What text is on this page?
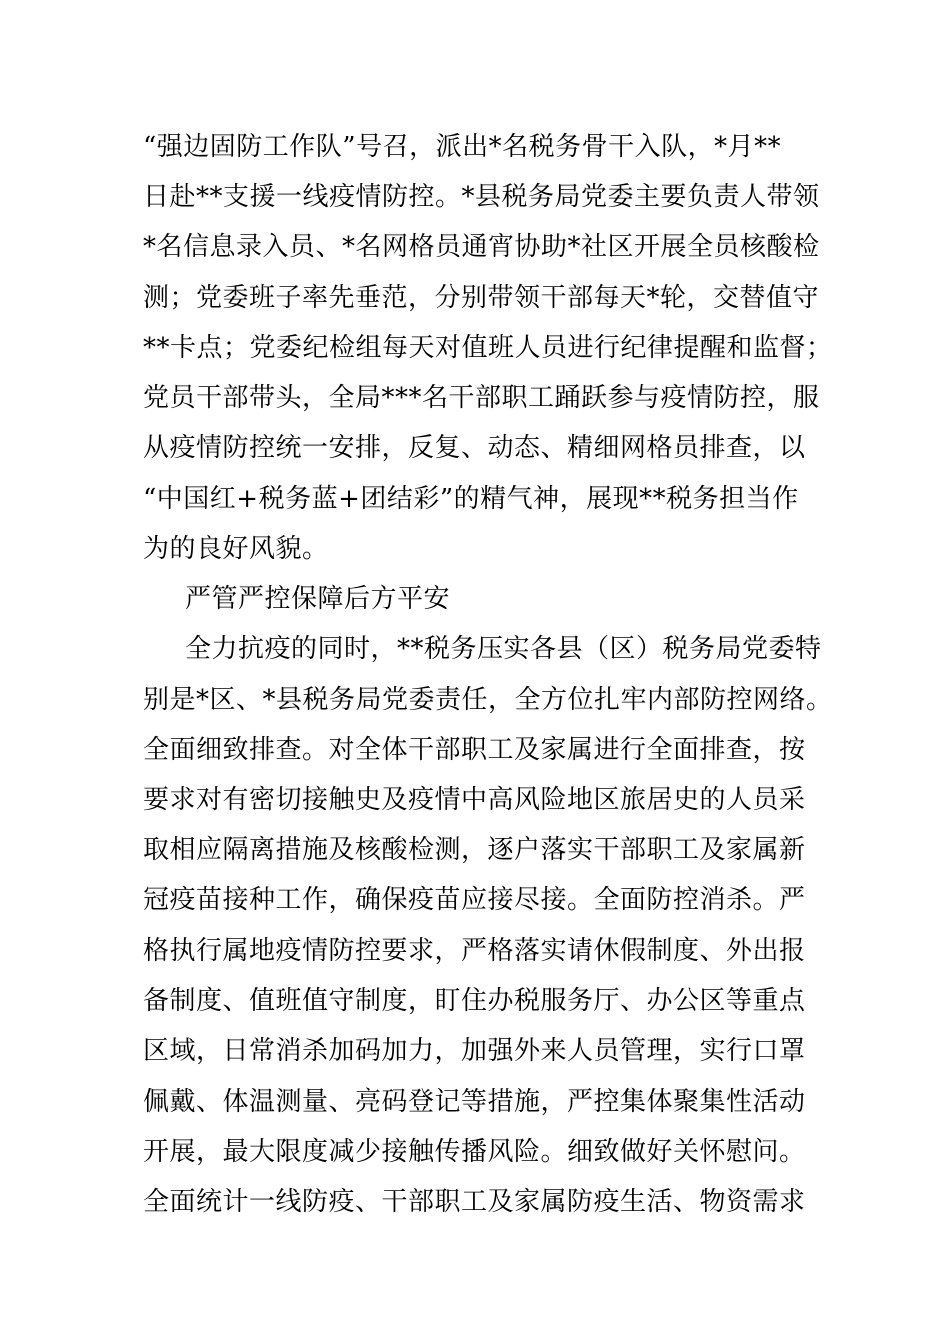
“强边固防工作队”号召，派出*名税务骨干入队，*月**
日赴**支援一线疫情防控。*县税务局党委主要负责人带领
*名信息录入员、*名网格员通宵协助*社区开展全员核酸检
测；党委班子率先垂范，分别带领干部每天*轮，交替值守
**卡点；党委纪检组每天对值班人员进行纪律提醒和监督；
党员干部带头，全局***名干部职工踊跃参与疫情防控，服
从疫情防控统一安排，反复、动态、精细网格员排查，以
“中国红+税务蓝+团结彩”的精气神，展现**税务担当作
为的良好风貌。
严管严控保障后方平安
全力抗疫的同时，**税务压实各县（区）税务局党委特
别是*区、*县税务局党委责任，全方位扎牢内部防控网络。
全面细致排查。对全体干部职工及家属进行全面排查，按
要求对有密切接触史及疫情中高风险地区旅居史的人员采
取相应隔离措施及核酸检测，逐户落实干部职工及家属新
冠疫苗接种工作，确保疫苗应接尽接。全面防控消杀。严
格执行属地疫情防控要求，严格落实请休假制度、外出报
备制度、值班值守制度，盯住办税服务厅、办公区等重点
区域，日常消杀加码加力，加强外来人员管理，实行口罩
佩戴、体温测量、亮码登记等措施，严控集体聚集性活动
开展，最大限度减少接触传播风险。细致做好关怀慰问。
全面统计一线防疫、干部职工及家属防疫生活、物资需求
